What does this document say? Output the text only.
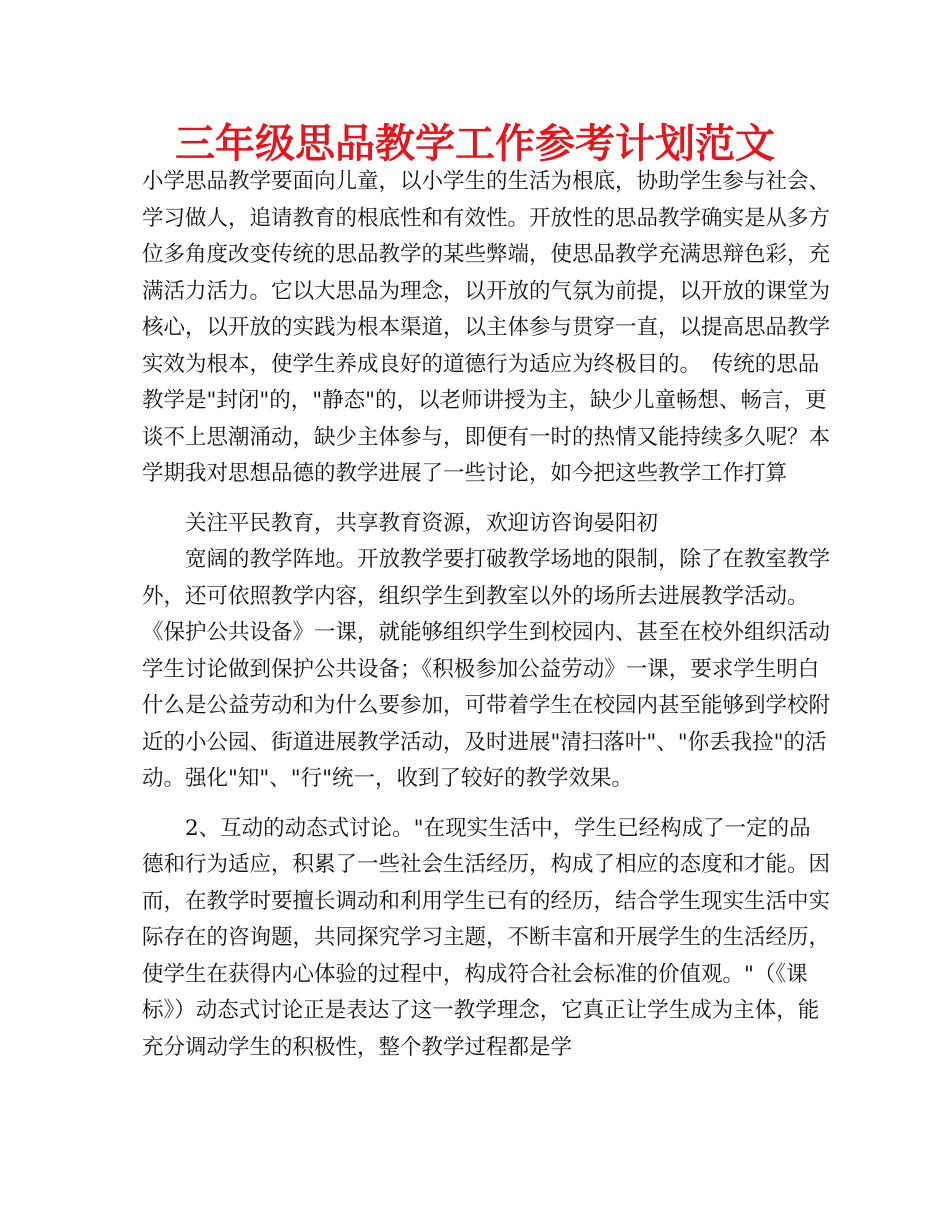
三年级思品教学工作参考计划范文

小学思品教学要面向儿童，以小学生的生活为根底，协助学生参与社会、学习做人，追请教育的根底性和有效性。开放性的思品教学确实是从多方位多角度改变传统的思品教学的某些弊端，使思品教学充满思辩色彩，充满活力活力。它以大思品为理念，以开放的气氛为前提，以开放的课堂为核心，以开放的实践为根本渠道，以主体参与贯穿一直，以提高思品教学实效为根本，使学生养成良好的道德行为适应为终极目的。　传统的思品教学是"封闭"的，"静态"的，以老师讲授为主，缺少儿童畅想、畅言，更谈不上思潮涌动，缺少主体参与，即便有一时的热情又能持续多久呢？本学期我对思想品德的教学进展了一些讨论，如今把这些教学工作打算

关注平民教育，共享教育资源，欢迎访咨询晏阳初

宽阔的教学阵地。开放教学要打破教学场地的限制，除了在教室教学外，还可依照教学内容，组织学生到教室以外的场所去进展教学活动。《保护公共设备》一课，就能够组织学生到校园内、甚至在校外组织活动学生讨论做到保护公共设备；《积极参加公益劳动》一课，要求学生明白什么是公益劳动和为什么要参加，可带着学生在校园内甚至能够到学校附近的小公园、街道进展教学活动，及时进展"清扫落叶"、"你丢我捡"的活动。强化"知"、"行"统一，收到了较好的教学效果。

2、互动的动态式讨论。"在现实生活中，学生已经构成了一定的品德和行为适应，积累了一些社会生活经历，构成了相应的态度和才能。因而，在教学时要擅长调动和利用学生已有的经历，结合学生现实生活中实际存在的咨询题，共同探究学习主题，不断丰富和开展学生的生活经历，使学生在获得内心体验的过程中，构成符合社会标准的价值观。"（《课标》）动态式讨论正是表达了这一教学理念，它真正让学生成为主体，能充分调动学生的积极性，整个教学过程都是学
